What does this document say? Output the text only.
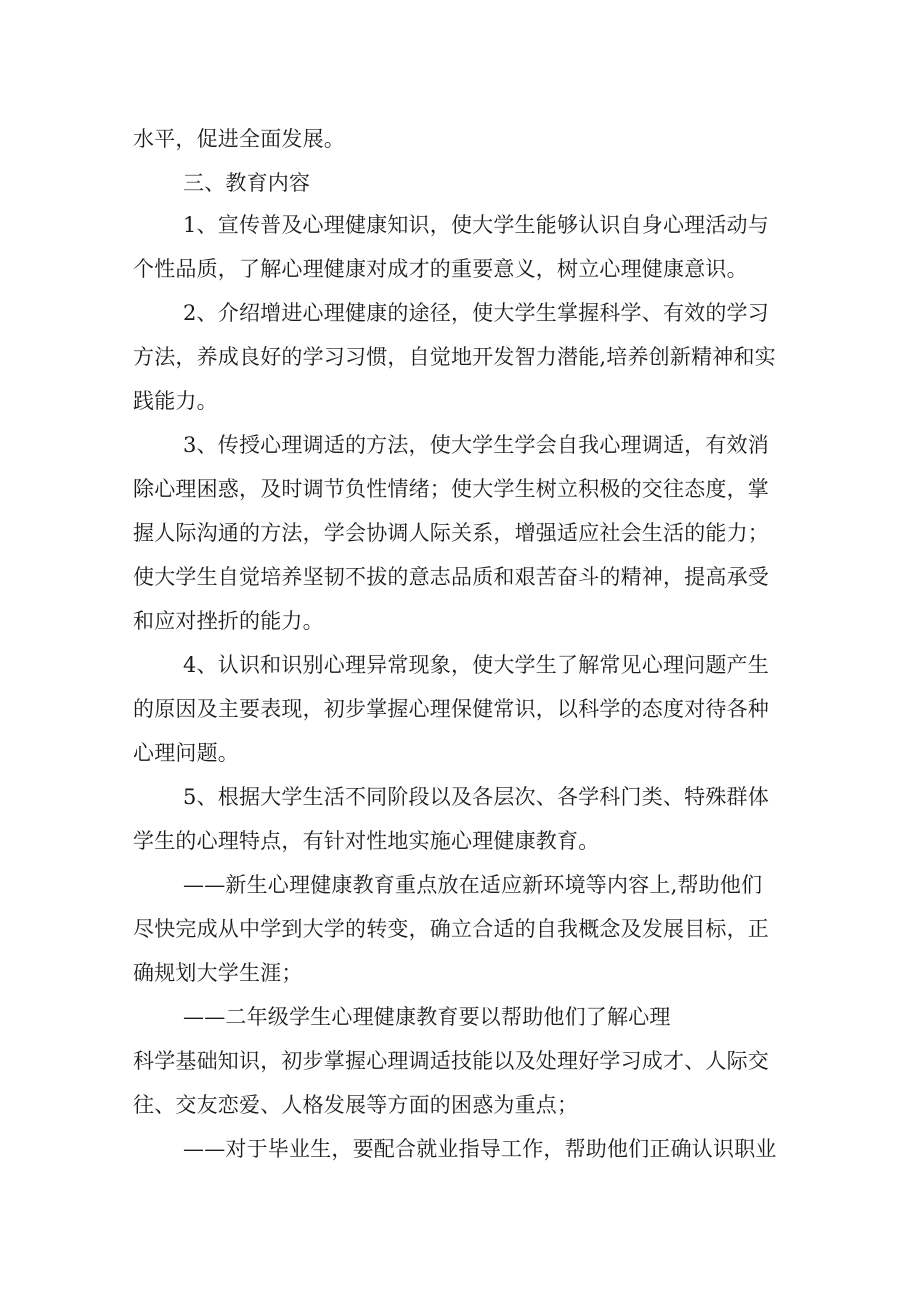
水平，促进全面发展。
三、教育内容
1、宣传普及心理健康知识，使大学生能够认识自身心理活动与
个性品质，了解心理健康对成才的重要意义，树立心理健康意识。
2、介绍增进心理健康的途径，使大学生掌握科学、有效的学习
方法，养成良好的学习习惯，自觉地开发智力潜能,培养创新精神和实
践能力。
3、传授心理调适的方法，使大学生学会自我心理调适，有效消
除心理困惑，及时调节负性情绪；使大学生树立积极的交往态度，掌
握人际沟通的方法，学会协调人际关系，增强适应社会生活的能力；
使大学生自觉培养坚韧不拔的意志品质和艰苦奋斗的精神，提高承受
和应对挫折的能力。
4、认识和识别心理异常现象，使大学生了解常见心理问题产生
的原因及主要表现，初步掌握心理保健常识，以科学的态度对待各种
心理问题。
5、根据大学生活不同阶段以及各层次、各学科门类、特殊群体
学生的心理特点，有针对性地实施心理健康教育。
——新生心理健康教育重点放在适应新环境等内容上,帮助他们
尽快完成从中学到大学的转变，确立合适的自我概念及发展目标，正
确规划大学生涯；
——二年级学生心理健康教育要以帮助他们了解心理
科学基础知识，初步掌握心理调适技能以及处理好学习成才、人际交
往、交友恋爱、人格发展等方面的困惑为重点；
——对于毕业生，要配合就业指导工作，帮助他们正确认识职业
